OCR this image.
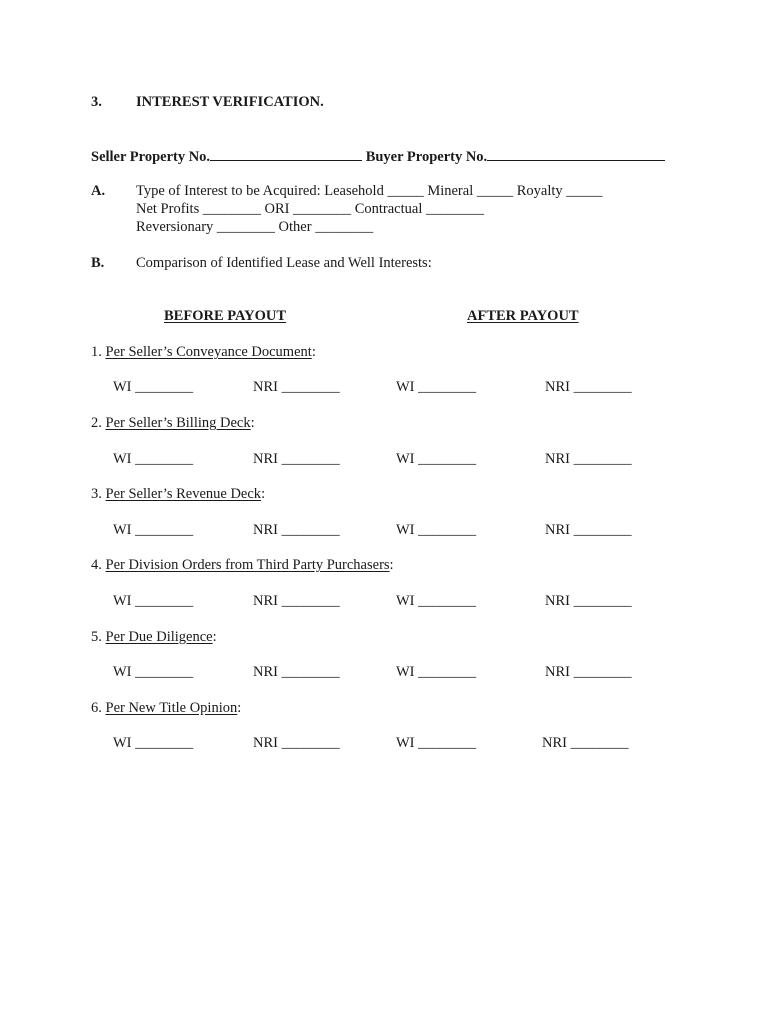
3. INTEREST VERIFICATION.
Seller Property No.	Buyer Property No.
A. Type of Interest to be Acquired: Leasehold _____ Mineral _____ Royalty _____
Net Profits ________ ORI ________ Contractual ________
Reversionary ________ Other ________
B. Comparison of Identified Lease and Well Interests:
BEFORE PAYOUT	AFTER PAYOUT
1. Per Seller’s Conveyance Document:
WI ________	NRI ________	WI ________	NRI ________
2. Per Seller’s Billing Deck:
WI ________	NRI ________	WI ________	NRI ________
3. Per Seller’s Revenue Deck:
WI ________	NRI ________	WI ________	NRI ________
4. Per Division Orders from Third Party Purchasers:
WI ________	NRI ________	WI ________	NRI ________
5. Per Due Diligence:
WI ________	NRI ________	WI ________	NRI ________
6. Per New Title Opinion:
WI ________	NRI ________	WI ________	NRI ________
